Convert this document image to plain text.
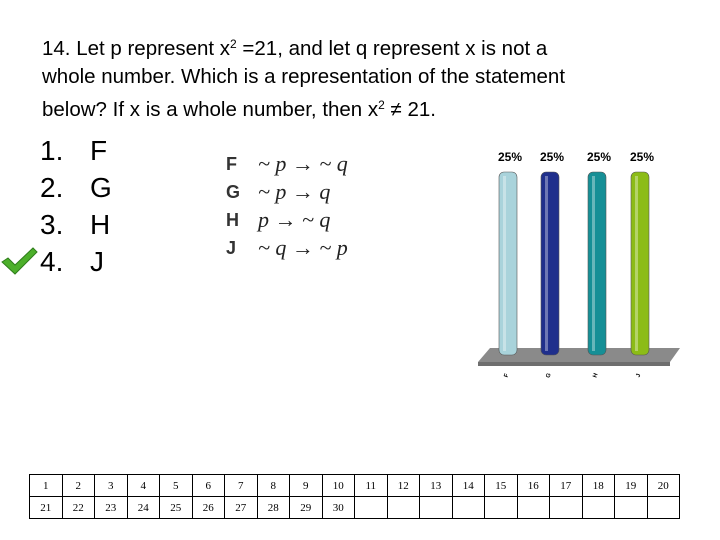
14. Let p represent $x^2 =21$, and let q represent x is not a
whole number. Which is a representation of the statement
below? If x is a whole number, then $x^2 \ne 21$.
1. F
2. G
3. H
4. J
F ~ p → ~ q
G ~ p → q
H p → ~ q
J ~ q → ~ p
25%
F
25%
G
25%
H
25%
J
1	2	3	4	5	6	7	8	9	10	11	12	13	14	15	16	17	18	19	20
21	22	23	24	25	26	27	28	29	30										
